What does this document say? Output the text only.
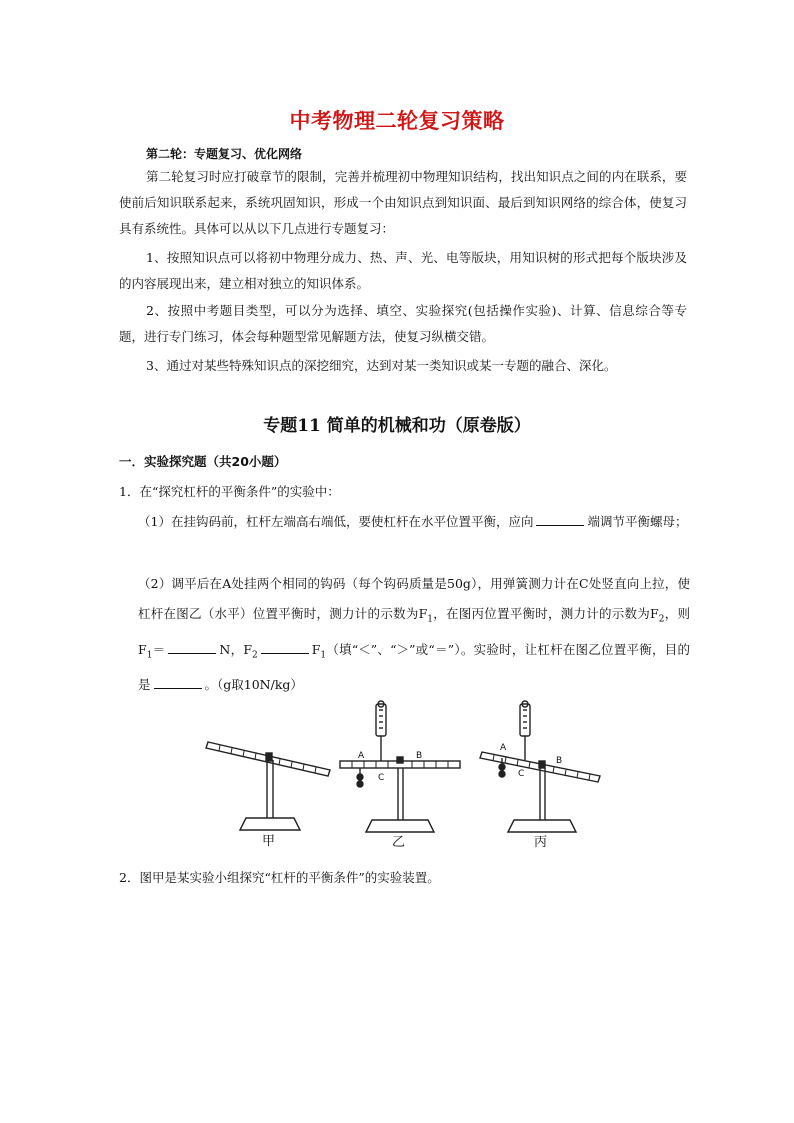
中考物理二轮复习策略
第二轮：专题复习、优化网络
第二轮复习时应打破章节的限制，完善并梳理初中物理知识结构，找出知识点之间的内在联系，要使前后知识联系起来，系统巩固知识，形成一个由知识点到知识面、最后到知识网络的综合体，使复习具有系统性。具体可以从以下几点进行专题复习：
1、按照知识点可以将初中物理分成力、热、声、光、电等版块，用知识树的形式把每个版块涉及的内容展现出来，建立相对独立的知识体系。
2、按照中考题目类型，可以分为选择、填空、实验探究(包括操作实验)、计算、信息综合等专题，进行专门练习，体会每种题型常见解题方法，使复习纵横交错。
3、通过对某些特殊知识点的深挖细究，达到对某一类知识或某一专题的融合、深化。
专题11 简单的机械和功（原卷版）
一．实验探究题（共20小题）
1．在“探究杠杆的平衡条件”的实验中：
（1）在挂钩码前，杠杆左端高右端低，要使杠杆在水平位置平衡，应向	端调节平衡螺母；
（2）调平后在A处挂两个相同的钩码（每个钩码质量是50g），用弹簧测力计在C处竖直向上拉，使杠杆在图乙（水平）位置平衡时，测力计的示数为$F_1$，在图丙位置平衡时，测力计的示数为$F_2$，则$F_1=$	N，$F_2$	$F_1$（填“＜”、“＞”或“＝”）。实验时，让杠杆在图乙位置平衡，目的是	。（g取10N/kg）
A	B
C
A
B
C
甲	乙	丙
2．图甲是某实验小组探究“杠杆的平衡条件”的实验装置。
